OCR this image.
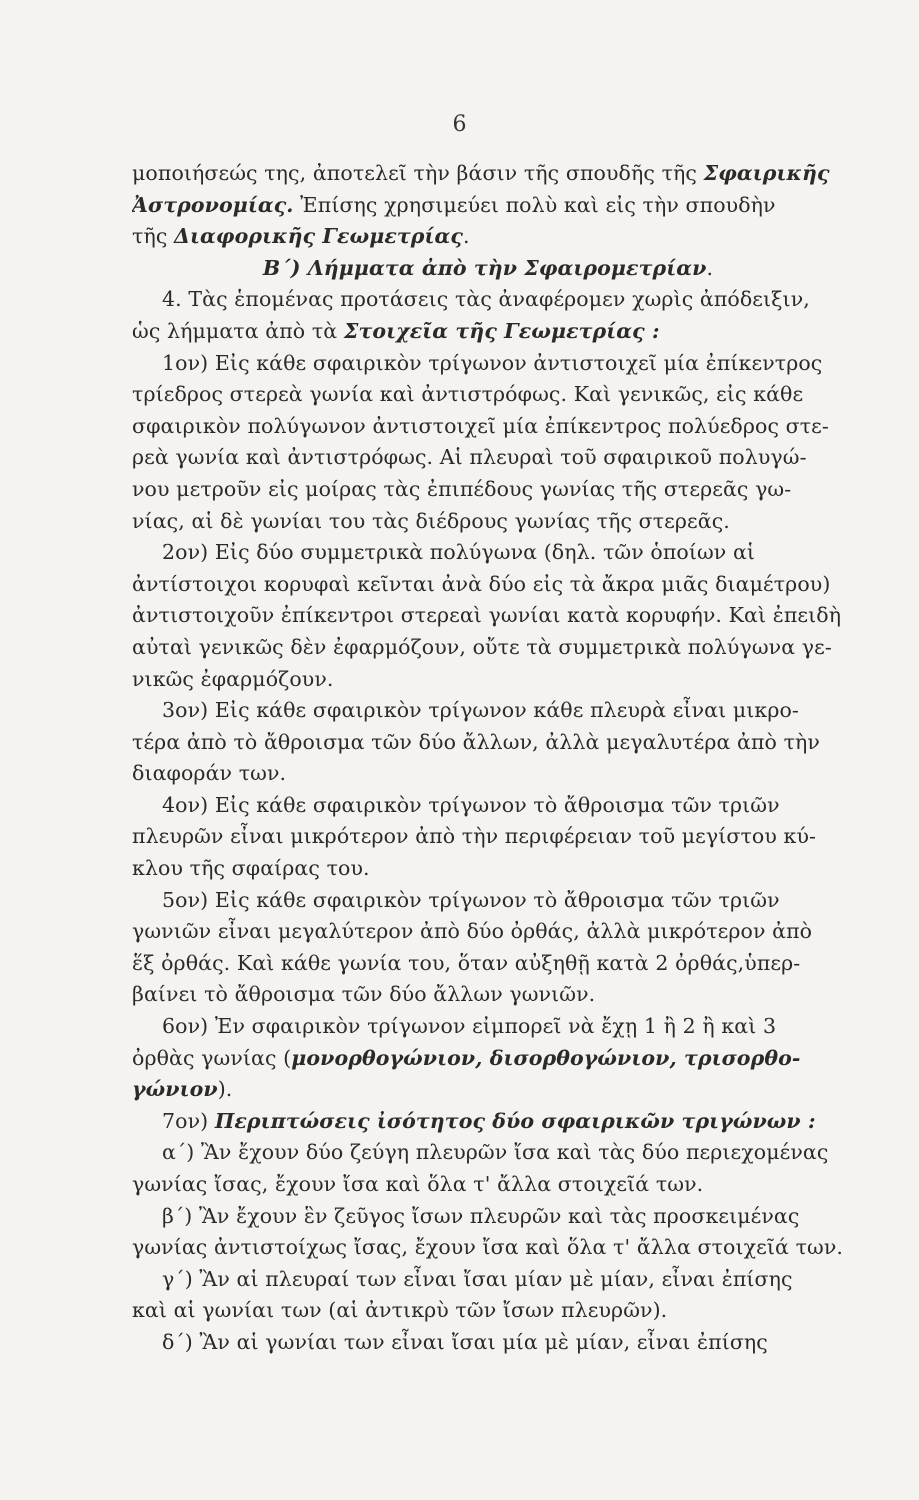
6
μοποιήσεώς της, ἀποτελεῖ τὴν βάσιν τῆς σπουδῆς τῆς Σφαιρικῆς
Ἀστρονομίας. Ἐπίσης χρησιμεύει πολὺ καὶ εἰς τὴν σπουδὴν
τῆς Διαφορικῆς Γεωμετρίας.
Β΄) Λήμματα ἀπὸ τὴν Σφαιρομετρίαν.
4. Τὰς ἑπομένας προτάσεις τὰς ἀναφέρομεν χωρὶς ἀπόδειξιν,
ὡς λήμματα ἀπὸ τὰ Στοιχεῖα τῆς Γεωμετρίας :
1ον) Εἰς κάθε σφαιρικὸν τρίγωνον ἀντιστοιχεῖ μία ἐπίκεντρος
τρίεδρος στερεὰ γωνία καὶ ἀντιστρόφως. Καὶ γενικῶς, εἰς κάθε
σφαιρικὸν πολύγωνον ἀντιστοιχεῖ μία ἐπίκεντρος πολύεδρος στε-
ρεὰ γωνία καὶ ἀντιστρόφως. Αἱ πλευραὶ τοῦ σφαιρικοῦ πολυγώ-
νου μετροῦν εἰς μοίρας τὰς ἐπιπέδους γωνίας τῆς στερεᾶς γω-
νίας, αἱ δὲ γωνίαι του τὰς διέδρους γωνίας τῆς στερεᾶς.
2ον) Εἰς δύο συμμετρικὰ πολύγωνα (δηλ. τῶν ὁποίων αἱ
ἀντίστοιχοι κορυφαὶ κεῖνται ἀνὰ δύο εἰς τὰ ἄκρα μιᾶς διαμέτρου)
ἀντιστοιχοῦν ἐπίκεντροι στερεαὶ γωνίαι κατὰ κορυφήν. Καὶ ἐπειδὴ
αὐταὶ γενικῶς δὲν ἐφαρμόζουν, οὔτε τὰ συμμετρικὰ πολύγωνα γε-
νικῶς ἐφαρμόζουν.
3ον) Εἰς κάθε σφαιρικὸν τρίγωνον κάθε πλευρὰ εἶναι μικρο-
τέρα ἀπὸ τὸ ἄθροισμα τῶν δύο ἄλλων, ἀλλὰ μεγαλυτέρα ἀπὸ τὴν
διαφοράν των.
4ον) Εἰς κάθε σφαιρικὸν τρίγωνον τὸ ἄθροισμα τῶν τριῶν
πλευρῶν εἶναι μικρότερον ἀπὸ τὴν περιφέρειαν τοῦ μεγίστου κύ-
κλου τῆς σφαίρας του.
5ον) Εἰς κάθε σφαιρικὸν τρίγωνον τὸ ἄθροισμα τῶν τριῶν
γωνιῶν εἶναι μεγαλύτερον ἀπὸ δύο ὀρθάς, ἀλλὰ μικρότερον ἀπὸ
ἕξ ὀρθάς. Καὶ κάθε γωνία του, ὅταν αὐξηθῇ κατὰ 2 ὀρθάς,ὑπερ-
βαίνει τὸ ἄθροισμα τῶν δύο ἄλλων γωνιῶν.
6ον) Ἐν σφαιρικὸν τρίγωνον εἰμπορεῖ νὰ ἔχῃ 1 ἢ 2 ἢ καὶ 3
ὀρθὰς γωνίας (μονορθογώνιον, δισορθογώνιον, τρισορθο-
γώνιον).
7ον) Περιπτώσεις ἰσότητος δύο σφαιρικῶν τριγώνων :
α΄) Ἂν ἔχουν δύο ζεύγη πλευρῶν ἴσα καὶ τὰς δύο περιεχομένας
γωνίας ἴσας, ἔχουν ἴσα καὶ ὅλα τ' ἄλλα στοιχεῖά των.
β΄) Ἂν ἔχουν ἓν ζεῦγος ἴσων πλευρῶν καὶ τὰς προσκειμένας
γωνίας ἀντιστοίχως ἴσας, ἔχουν ἴσα καὶ ὅλα τ' ἄλλα στοιχεῖά των.
γ΄) Ἂν αἱ πλευραί των εἶναι ἴσαι μίαν μὲ μίαν, εἶναι ἐπίσης
καὶ αἱ γωνίαι των (αἱ ἀντικρὺ τῶν ἴσων πλευρῶν).
δ΄) Ἂν αἱ γωνίαι των εἶναι ἴσαι μία μὲ μίαν, εἶναι ἐπίσης
